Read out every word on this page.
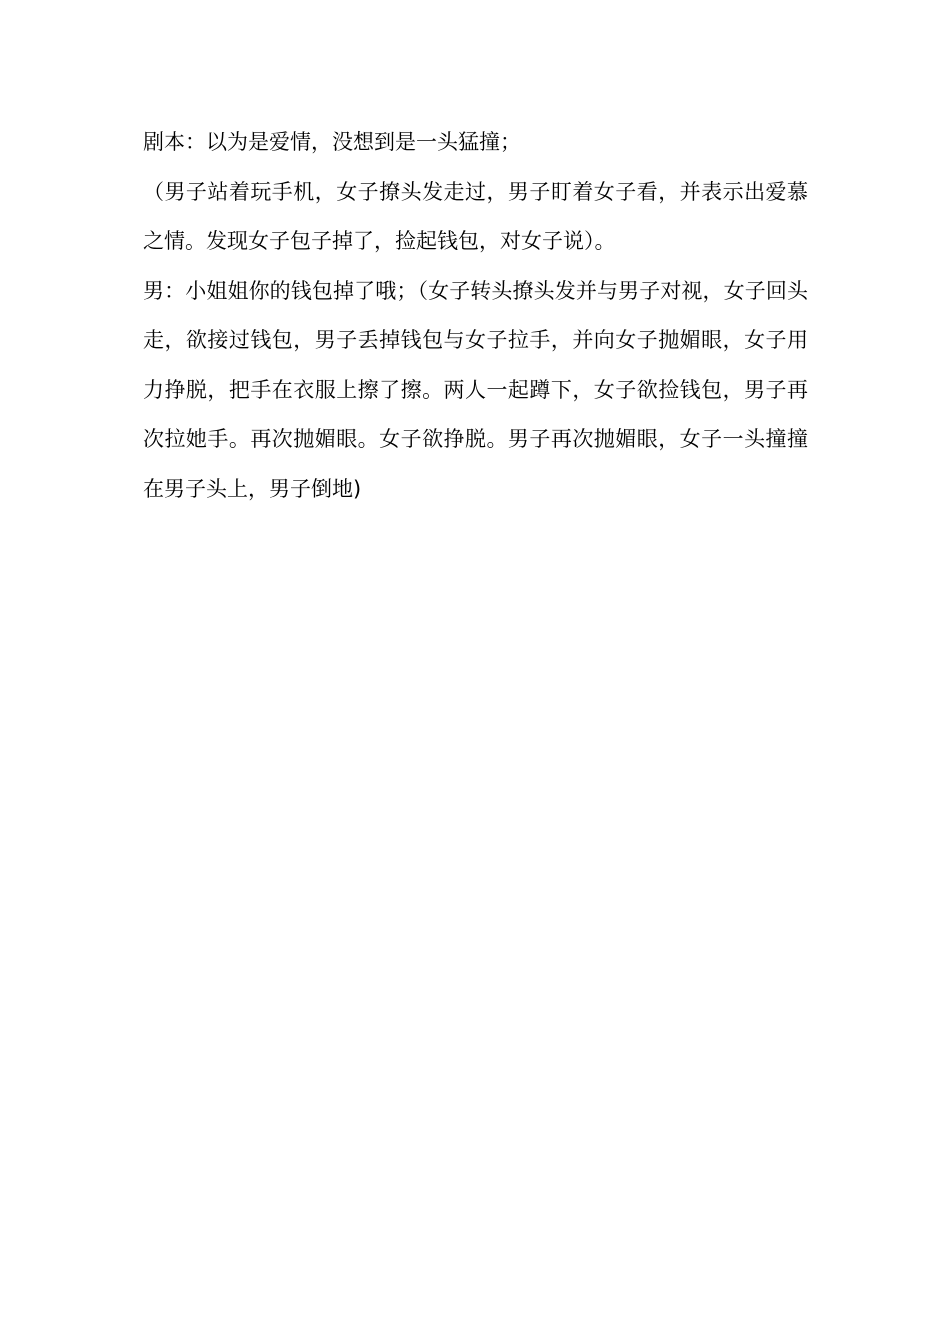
剧本：以为是爱情，没想到是一头猛撞；

（男子站着玩手机，女子撩头发走过，男子盯着女子看，并表示出爱慕之情。发现女子包子掉了，捡起钱包，对女子说）。

男：小姐姐你的钱包掉了哦；（女子转头撩头发并与男子对视，女子回头走，欲接过钱包，男子丢掉钱包与女子拉手，并向女子抛媚眼，女子用力挣脱，把手在衣服上擦了擦。两人一起蹲下，女子欲捡钱包，男子再次拉她手。再次抛媚眼。女子欲挣脱。男子再次抛媚眼，女子一头撞撞在男子头上，男子倒地)
